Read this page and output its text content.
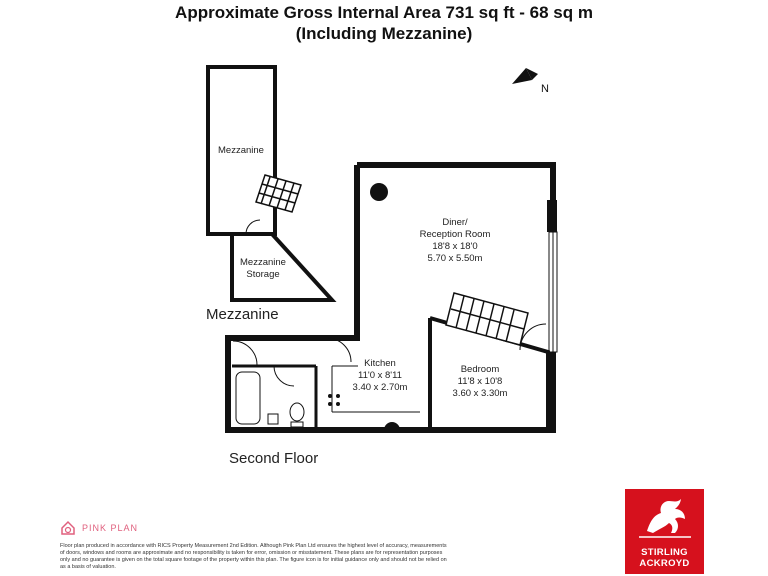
Approximate Gross Internal Area 731 sq ft - 68 sq m
(Including Mezzanine)
N
Mezzanine
Mezzanine
Storage
Diner/
Reception Room
18'8 x 18'0
5.70 x 5.50m
Kitchen
11'0 x 8'11
3.40 x 2.70m
Bedroom
11'8 x 10'8
3.60 x 3.30m
Mezzanine
Second Floor
PINK PLAN
Floor plan produced in accordance with RICS Property Measurement 2nd Edition. Although Pink Plan Ltd ensures the highest level of accuracy, measurements of doors, windows and rooms are approximate and no responsibility is taken for error, omission or misstatement. These plans are for representation purposes only and no guarantee is given on the total square footage of the property within this plan. The figure icon is for initial guidance only and should not be relied on as a basis of valuation.
STIRLING
ACKROYD
